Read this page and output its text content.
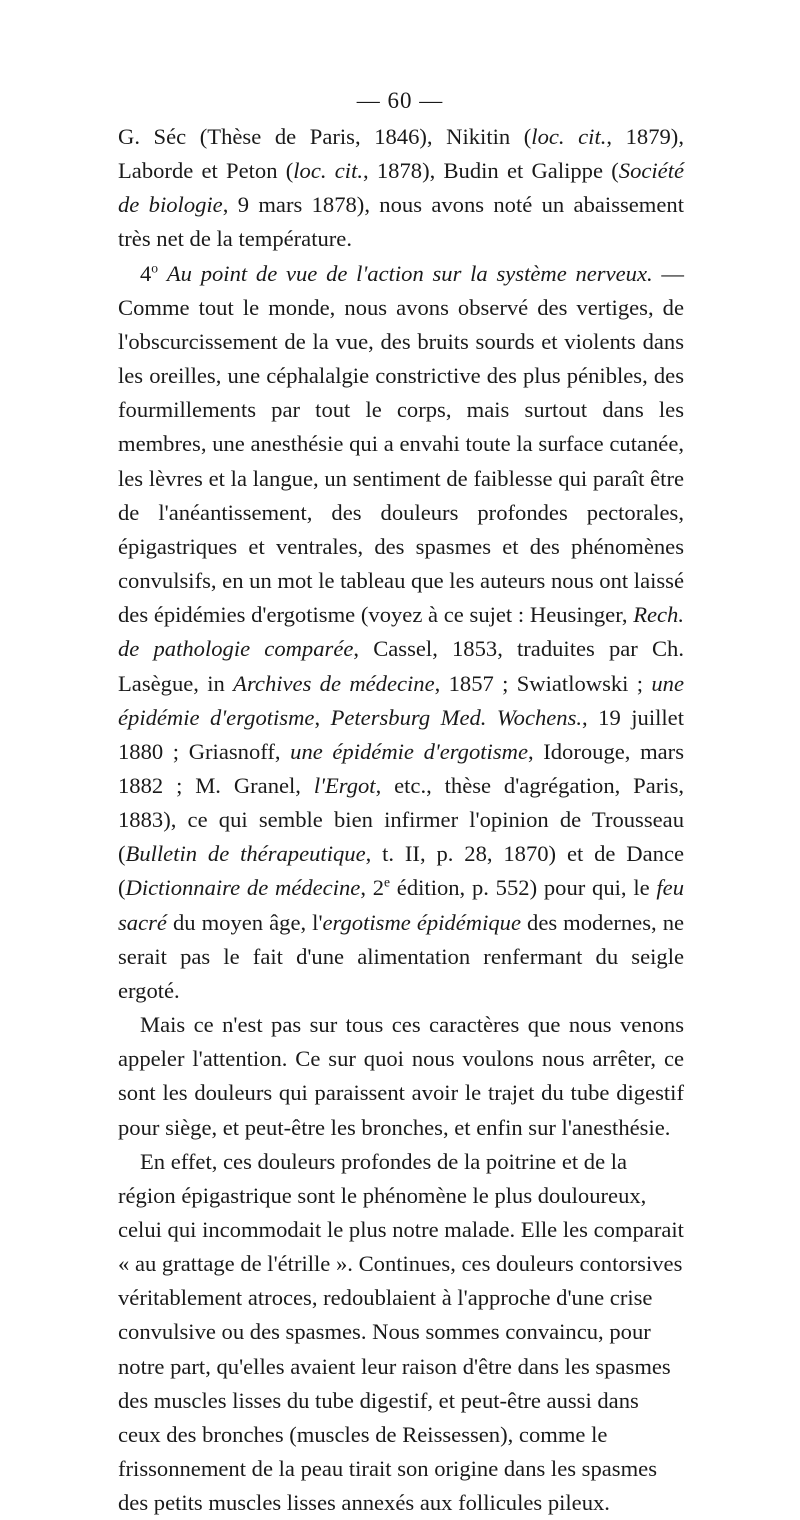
— 60 —

G. Séc (Thèse de Paris, 1846), Nikitin (loc. cit., 1879), Laborde et Peton (loc. cit., 1878), Budin et Galippe (Société de biologie, 9 mars 1878), nous avons noté un abaissement très net de la température.

4$^o$ Au point de vue de l'action sur la système nerveux. — Comme tout le monde, nous avons observé des vertiges, de l'obscurcissement de la vue, des bruits sourds et violents dans les oreilles, une céphalalgie constrictive des plus pénibles, des fourmillements par tout le corps, mais surtout dans les membres, une anesthésie qui a envahi toute la surface cutanée, les lèvres et la langue, un sentiment de faiblesse qui paraît être de l'anéantissement, des douleurs profondes pectorales, épigastriques et ventrales, des spasmes et des phénomènes convulsifs, en un mot le tableau que les auteurs nous ont laissé des épidémies d'ergotisme (voyez à ce sujet : Heusinger, Rech. de pathologie comparée, Cassel, 1853, traduites par Ch. Lasègue, in Archives de médecine, 1857 ; Swiatlowski ; une épidémie d'ergotisme, Petersburg Med. Wochens., 19 juillet 1880 ; Griasnoff, une épidémie d'ergotisme, Idorouge, mars 1882 ; M. Granel, l'Ergot, etc., thèse d'agrégation, Paris, 1883), ce qui semble bien infirmer l'opinion de Trousseau (Bulletin de thérapeutique, t. II, p. 28, 1870) et de Dance (Dictionnaire de médecine, 2e édition, p. 552) pour qui, le feu sacré du moyen âge, l'ergotisme épidémique des modernes, ne serait pas le fait d'une alimentation renfermant du seigle ergoté.

Mais ce n'est pas sur tous ces caractères que nous venons appeler l'attention. Ce sur quoi nous voulons nous arrêter, ce sont les douleurs qui paraissent avoir le trajet du tube digestif pour siège, et peut-être les bronches, et enfin sur l'anesthésie.

En effet, ces douleurs profondes de la poitrine et de la région épigastrique sont le phénomène le plus douloureux, celui qui incommodait le plus notre malade. Elle les comparait « au grattage de l'étrille ». Continues, ces douleurs contorsives véritablement atroces, redoublaient à l'approche d'une crise convulsive ou des spasmes. Nous sommes convaincu, pour notre part, qu'elles avaient leur raison d'être dans les spasmes des muscles lisses du tube digestif, et peut-être aussi dans ceux des bronches (muscles de Reissessen), comme le frissonnement de la peau tirait son origine dans les spasmes des petits muscles lisses annexés aux follicules pileux.
